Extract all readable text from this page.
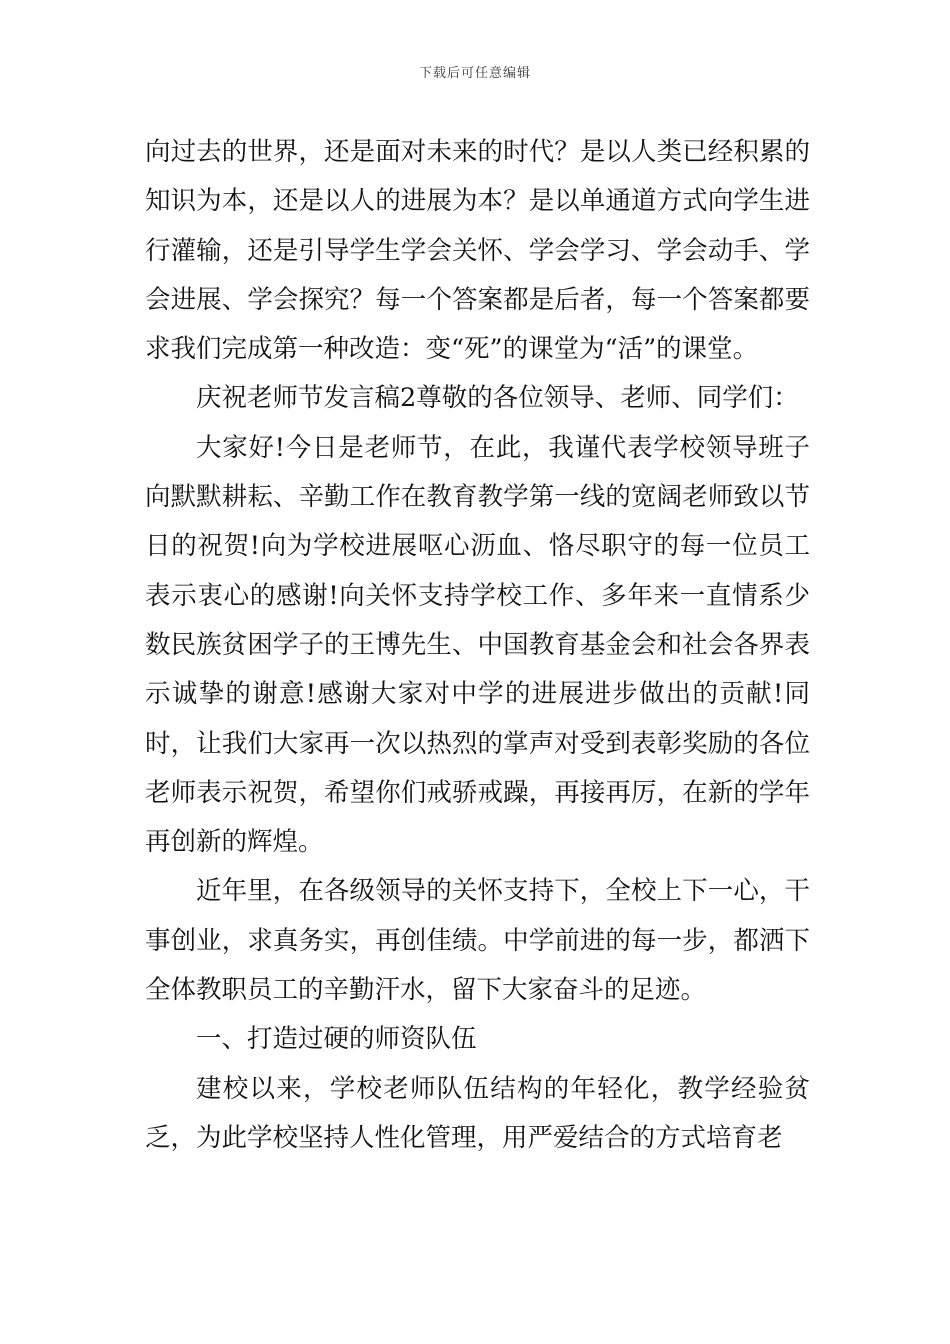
下载后可任意编辑

向过去的世界，还是面对未来的时代？是以人类已经积累的知识为本，还是以人的进展为本？是以单通道方式向学生进行灌输，还是引导学生学会关怀、学会学习、学会动手、学会进展、学会探究？每一个答案都是后者，每一个答案都要求我们完成第一种改造：变“死”的课堂为“活”的课堂。

庆祝老师节发言稿2尊敬的各位领导、老师、同学们：

大家好!今日是老师节，在此，我谨代表学校领导班子向默默耕耘、辛勤工作在教育教学第一线的宽阔老师致以节日的祝贺!向为学校进展呕心沥血、恪尽职守的每一位员工表示衷心的感谢!向关怀支持学校工作、多年来一直情系少数民族贫困学子的王博先生、中国教育基金会和社会各界表示诚挚的谢意!感谢大家对中学的进展进步做出的贡献!同时，让我们大家再一次以热烈的掌声对受到表彰奖励的各位老师表示祝贺，希望你们戒骄戒躁，再接再厉，在新的学年再创新的辉煌。

近年里，在各级领导的关怀支持下，全校上下一心，干事创业，求真务实，再创佳绩。中学前进的每一步，都洒下全体教职员工的辛勤汗水，留下大家奋斗的足迹。

一、打造过硬的师资队伍

建校以来，学校老师队伍结构的年轻化，教学经验贫乏，为此学校坚持人性化管理，用严爱结合的方式培育老
